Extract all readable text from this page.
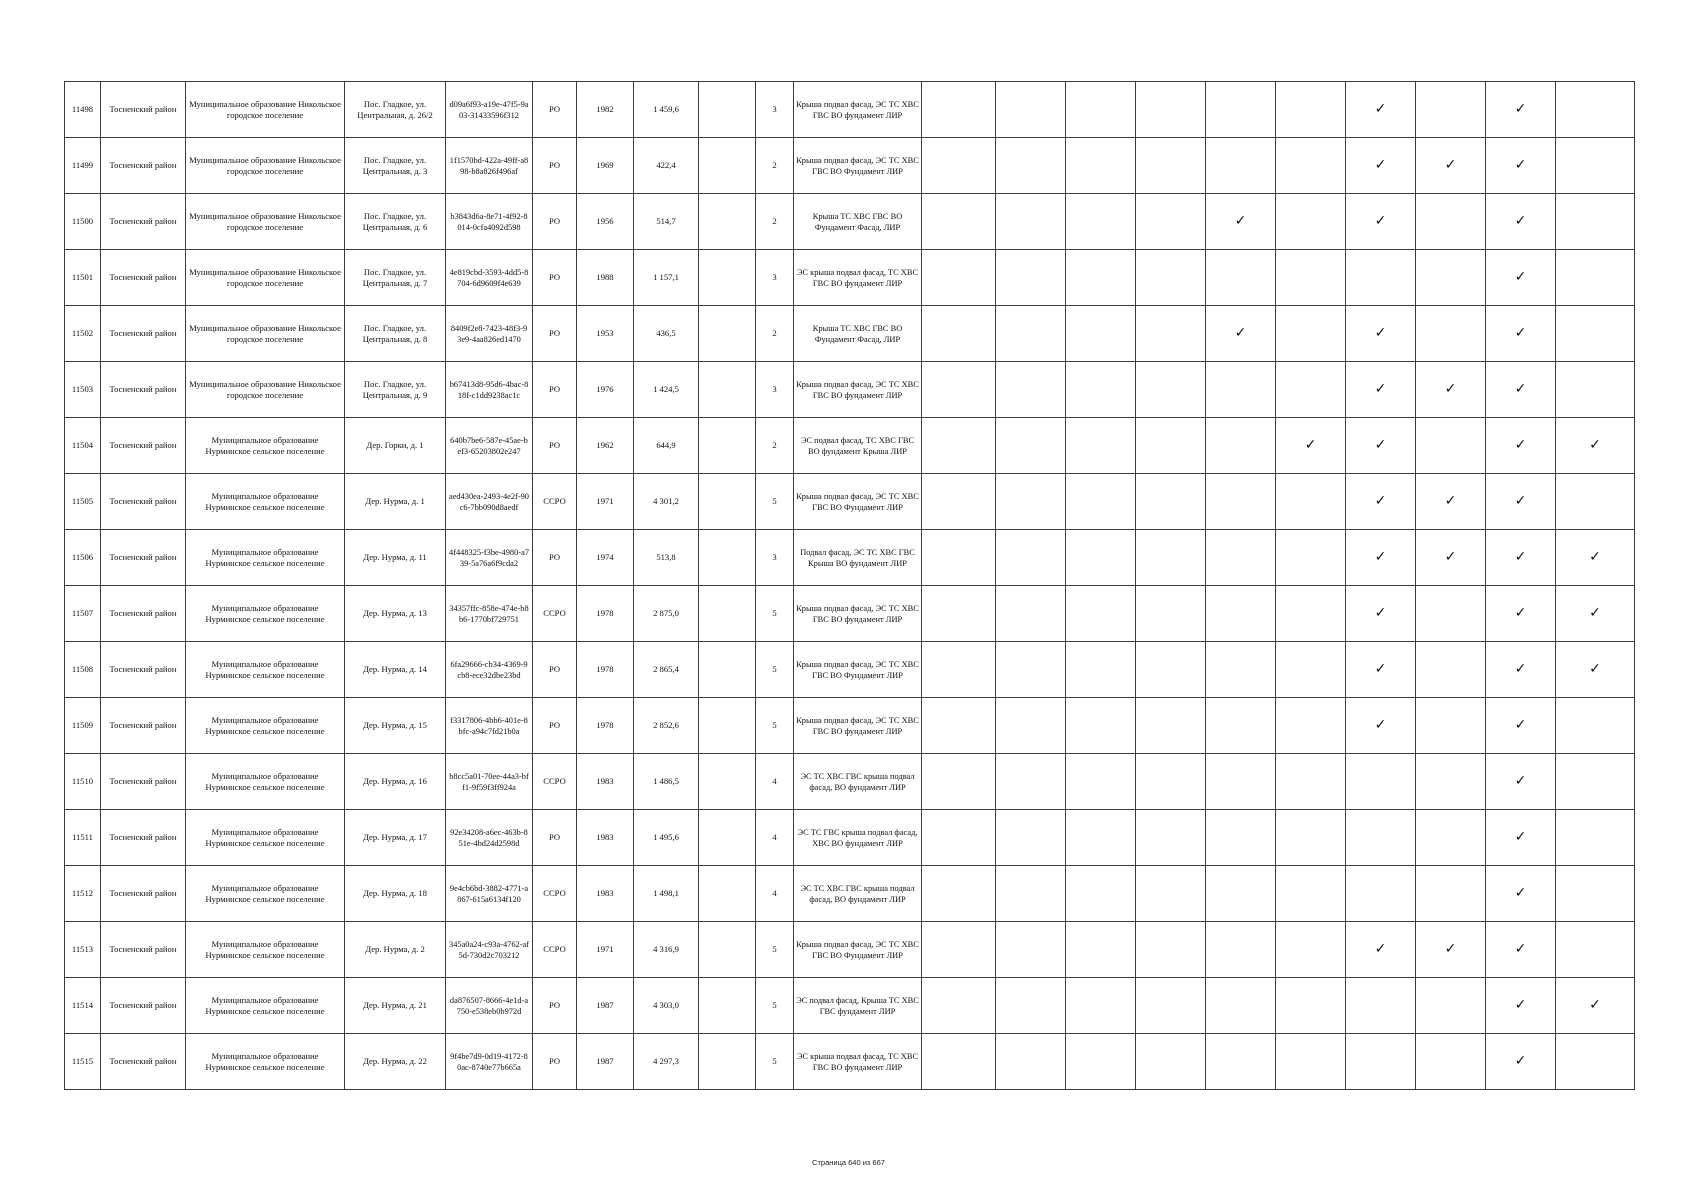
11498	Тосненский район	Муниципальное образование Никольское городское поселение	Пос. Гладкое, ул. Центральная, д. 26/2	d09a6f93-a19e-47f5-9a03-31433596f312	РО	1982	1 459,6		3	Крыша подвал фасад, ЭС ТС ХВС ГВС ВО фундамент ЛИР							✓		✓		
11499	Тосненский район	Муниципальное образование Никольское городское поселение	Пос. Гладкое, ул. Центральная, д. 3	1f1570bd-422a-49ff-a898-b8a826f496af	РО	1969	422,4		2	Крыша подвал фасад, ЭС ТС ХВС ГВС ВО Фундамент ЛИР							✓	✓	✓		
11500	Тосненский район	Муниципальное образование Никольское городское поселение	Пос. Гладкое, ул. Центральная, д. 6	b3843d6a-8e71-4f92-8014-0cfa4092d598	РО	1956	514,7		2	Крыша ТС ХВС ГВС ВО Фундамент Фасад, ЛИР					✓		✓		✓		
11501	Тосненский район	Муниципальное образование Никольское городское поселение	Пос. Гладкое, ул. Центральная, д. 7	4e819cbd-3593-4dd5-8704-6d9609f4e639	РО	1988	1 157,1		3	ЭС крыша подвал фасад, ТС ХВС ГВС ВО фундамент ЛИР									✓		
11502	Тосненский район	Муниципальное образование Никольское городское поселение	Пос. Гладкое, ул. Центральная, д. 8	8409f2e8-7423-48f3-93e9-4aa826ed1470	РО	1953	436,5		2	Крыша ТС ХВС ГВС ВО Фундамент Фасад, ЛИР					✓		✓		✓		
11503	Тосненский район	Муниципальное образование Никольское городское поселение	Пос. Гладкое, ул. Центральная, д. 9	b67413d8-95d6-4bac-818f-c1dd9238ac1c	РО	1976	1 424,5		3	Крыша подвал фасад, ЭС ТС ХВС ГВС ВО фундамент ЛИР							✓	✓	✓		
11504	Тосненский район	Муниципальное образование Нурминское сельское поселение	Дер. Горки, д. 1	640b7be6-587e-45ae-bef3-65203802e247	РО	1962	644,9		2	ЭС подвал фасад, ТС ХВС ГВС ВО фундамент Крыша ЛИР						✓	✓		✓	✓	
11505	Тосненский район	Муниципальное образование Нурминское сельское поселение	Дер. Нурма, д. 1	aed430ea-2493-4e2f-90c6-7bb090d8aedf	ССРО	1971	4 301,2		5	Крыша подвал фасад, ЭС ТС ХВС ГВС ВО Фундамент ЛИР							✓	✓	✓		
11506	Тосненский район	Муниципальное образование Нурминское сельское поселение	Дер. Нурма, д. 11	4f448325-f3be-4980-a739-5a76a6f9cda2	РО	1974	513,8		3	Подвал фасад, ЭС ТС ХВС ГВС Крыша ВО фундамент ЛИР							✓	✓	✓	✓	
11507	Тосненский район	Муниципальное образование Нурминское сельское поселение	Дер. Нурма, д. 13	34357ffc-858e-474e-b8b6-1770bf729751	ССРО	1978	2 875,0		5	Крыша подвал фасад, ЭС ТС ХВС ГВС ВО фундамент ЛИР							✓		✓	✓	
11508	Тосненский район	Муниципальное образование Нурминское сельское поселение	Дер. Нурма, д. 14	6fa29666-cb34-4369-9cb8-ece32dbe23bd	РО	1978	2 865,4		5	Крыша подвал фасад, ЭС ТС ХВС ГВС ВО Фундамент ЛИР							✓		✓	✓	
11509	Тосненский район	Муниципальное образование Нурминское сельское поселение	Дер. Нурма, д. 15	f3317806-4bb6-401e-8bfc-a94c7fd21b0a	РО	1978	2 852,6		5	Крыша подвал фасад, ЭС ТС ХВС ГВС ВО фундамент ЛИР							✓		✓		
11510	Тосненский район	Муниципальное образование Нурминское сельское поселение	Дер. Нурма, д. 16	b8cc5a01-70ee-44a3-bff1-9f59f3ff924a	ССРО	1983	1 486,5		4	ЭС ТС ХВС ГВС крыша подвал фасад, ВО фундамент ЛИР									✓		
11511	Тосненский район	Муниципальное образование Нурминское сельское поселение	Дер. Нурма, д. 17	92e34208-a6ec-463b-851e-4bd24d2598d	РО	1983	1 495,6		4	ЭС ТС ГВС крыша подвал фасад, ХВС ВО фундамент ЛИР									✓		
11512	Тосненский район	Муниципальное образование Нурминское сельское поселение	Дер. Нурма, д. 18	9e4cb6bd-3882-4771-a867-615a6134f120	ССРО	1983	1 498,1		4	ЭС ТС ХВС ГВС крыша подвал фасад, ВО фундамент ЛИР									✓		
11513	Тосненский район	Муниципальное образование Нурминское сельское поселение	Дер. Нурма, д. 2	345a0a24-c93a-4762-af5d-730d2c703212	ССРО	1971	4 316,9		5	Крыша подвал фасад, ЭС ТС ХВС ГВС ВО Фундамент ЛИР							✓	✓	✓		
11514	Тосненский район	Муниципальное образование Нурминское сельское поселение	Дер. Нурма, д. 21	da876507-8666-4e1d-a750-e538eb0b972d	РО	1987	4 303,0		5	ЭС подвал фасад, Крыша ТС ХВС ГВС фундамент ЛИР									✓	✓	
11515	Тосненский район	Муниципальное образование Нурминское сельское поселение	Дер. Нурма, д. 22	9f4be7d9-0d19-4172-80ac-8740e77b665a	РО	1987	4 297,3		5	ЭС крыша подвал фасад, ТС ХВС ГВС ВО фундамент ЛИР									✓		
Страница 640 из 667
